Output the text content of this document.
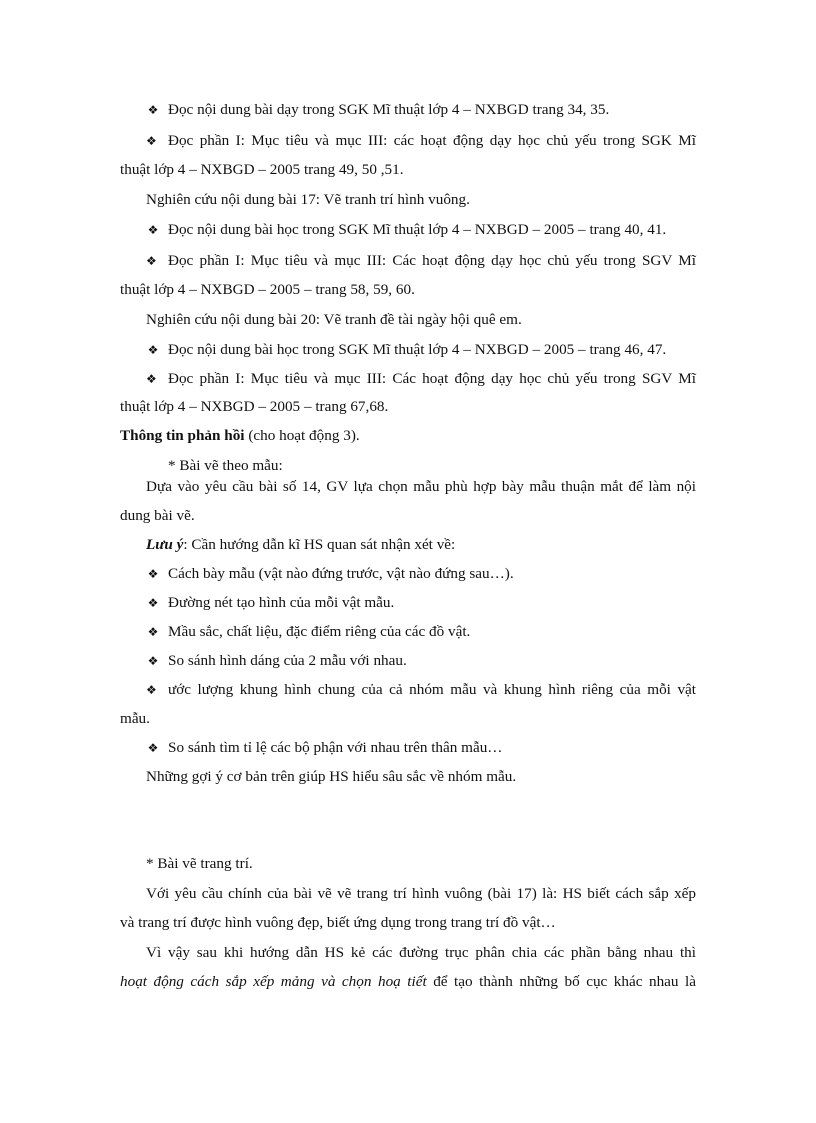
❖ Đọc nội dung bài dạy trong SGK Mĩ thuật lớp 4 – NXBGD trang 34, 35.
❖ Đọc phần I: Mục tiêu và mục III: các hoạt động dạy học chủ yếu trong SGK Mĩ
thuật lớp 4 – NXBGD – 2005 trang 49, 50 ,51.
Nghiên cứu nội dung bài 17: Vẽ tranh trí hình vuông.
❖ Đọc nội dung bài học trong SGK Mĩ thuật lớp 4 – NXBGD – 2005 – trang 40, 41.
❖ Đọc phần I: Mục tiêu và mục III: Các hoạt động dạy học chủ yếu trong SGV Mĩ
thuật lớp 4 – NXBGD – 2005 – trang 58, 59, 60.
Nghiên cứu nội dung bài 20: Vẽ tranh đề tài ngày hội quê em.
❖ Đọc nội dung bài học trong SGK Mĩ thuật lớp 4 – NXBGD – 2005 – trang 46, 47.
❖ Đọc phần I: Mục tiêu và mục III: Các hoạt động dạy học chủ yếu trong SGV Mĩ
thuật lớp 4 – NXBGD – 2005 – trang 67,68.
Thông tin phản hồi (cho hoạt động 3).
* Bài vẽ theo mẫu:
Dựa vào yêu cầu bài số 14, GV lựa chọn mẫu phù hợp bày mẫu thuận mắt để làm nội
dung bài vẽ.
Lưu ý: Cần hướng dẫn kĩ HS quan sát nhận xét về:
❖ Cách bày mẫu (vật nào đứng trước, vật nào đứng sau…).
❖ Đường nét tạo hình của mỗi vật mẫu.
❖ Mầu sắc, chất liệu, đặc điểm riêng của các đồ vật.
❖ So sánh hình dáng của 2 mẫu với nhau.
❖ ước lượng khung hình chung của cả nhóm mẫu và khung hình riêng của mỗi vật
mẫu.
❖ So sánh tìm tỉ lệ các bộ phận với nhau trên thân mẫu…
Những gợi ý cơ bản trên giúp HS hiểu sâu sắc về nhóm mẫu.
* Bài vẽ trang trí.
Với yêu cầu chính của bài vẽ vẽ trang trí hình vuông (bài 17) là: HS biết cách sắp xếp
và trang trí được hình vuông đẹp, biết ứng dụng trong trang trí đồ vật…
Vì vậy sau khi hướng dẫn HS kẻ các đường trục phân chia các phần bằng nhau thì
hoạt động cách sắp xếp mảng và chọn hoạ tiết để tạo thành những bố cục khác nhau là
